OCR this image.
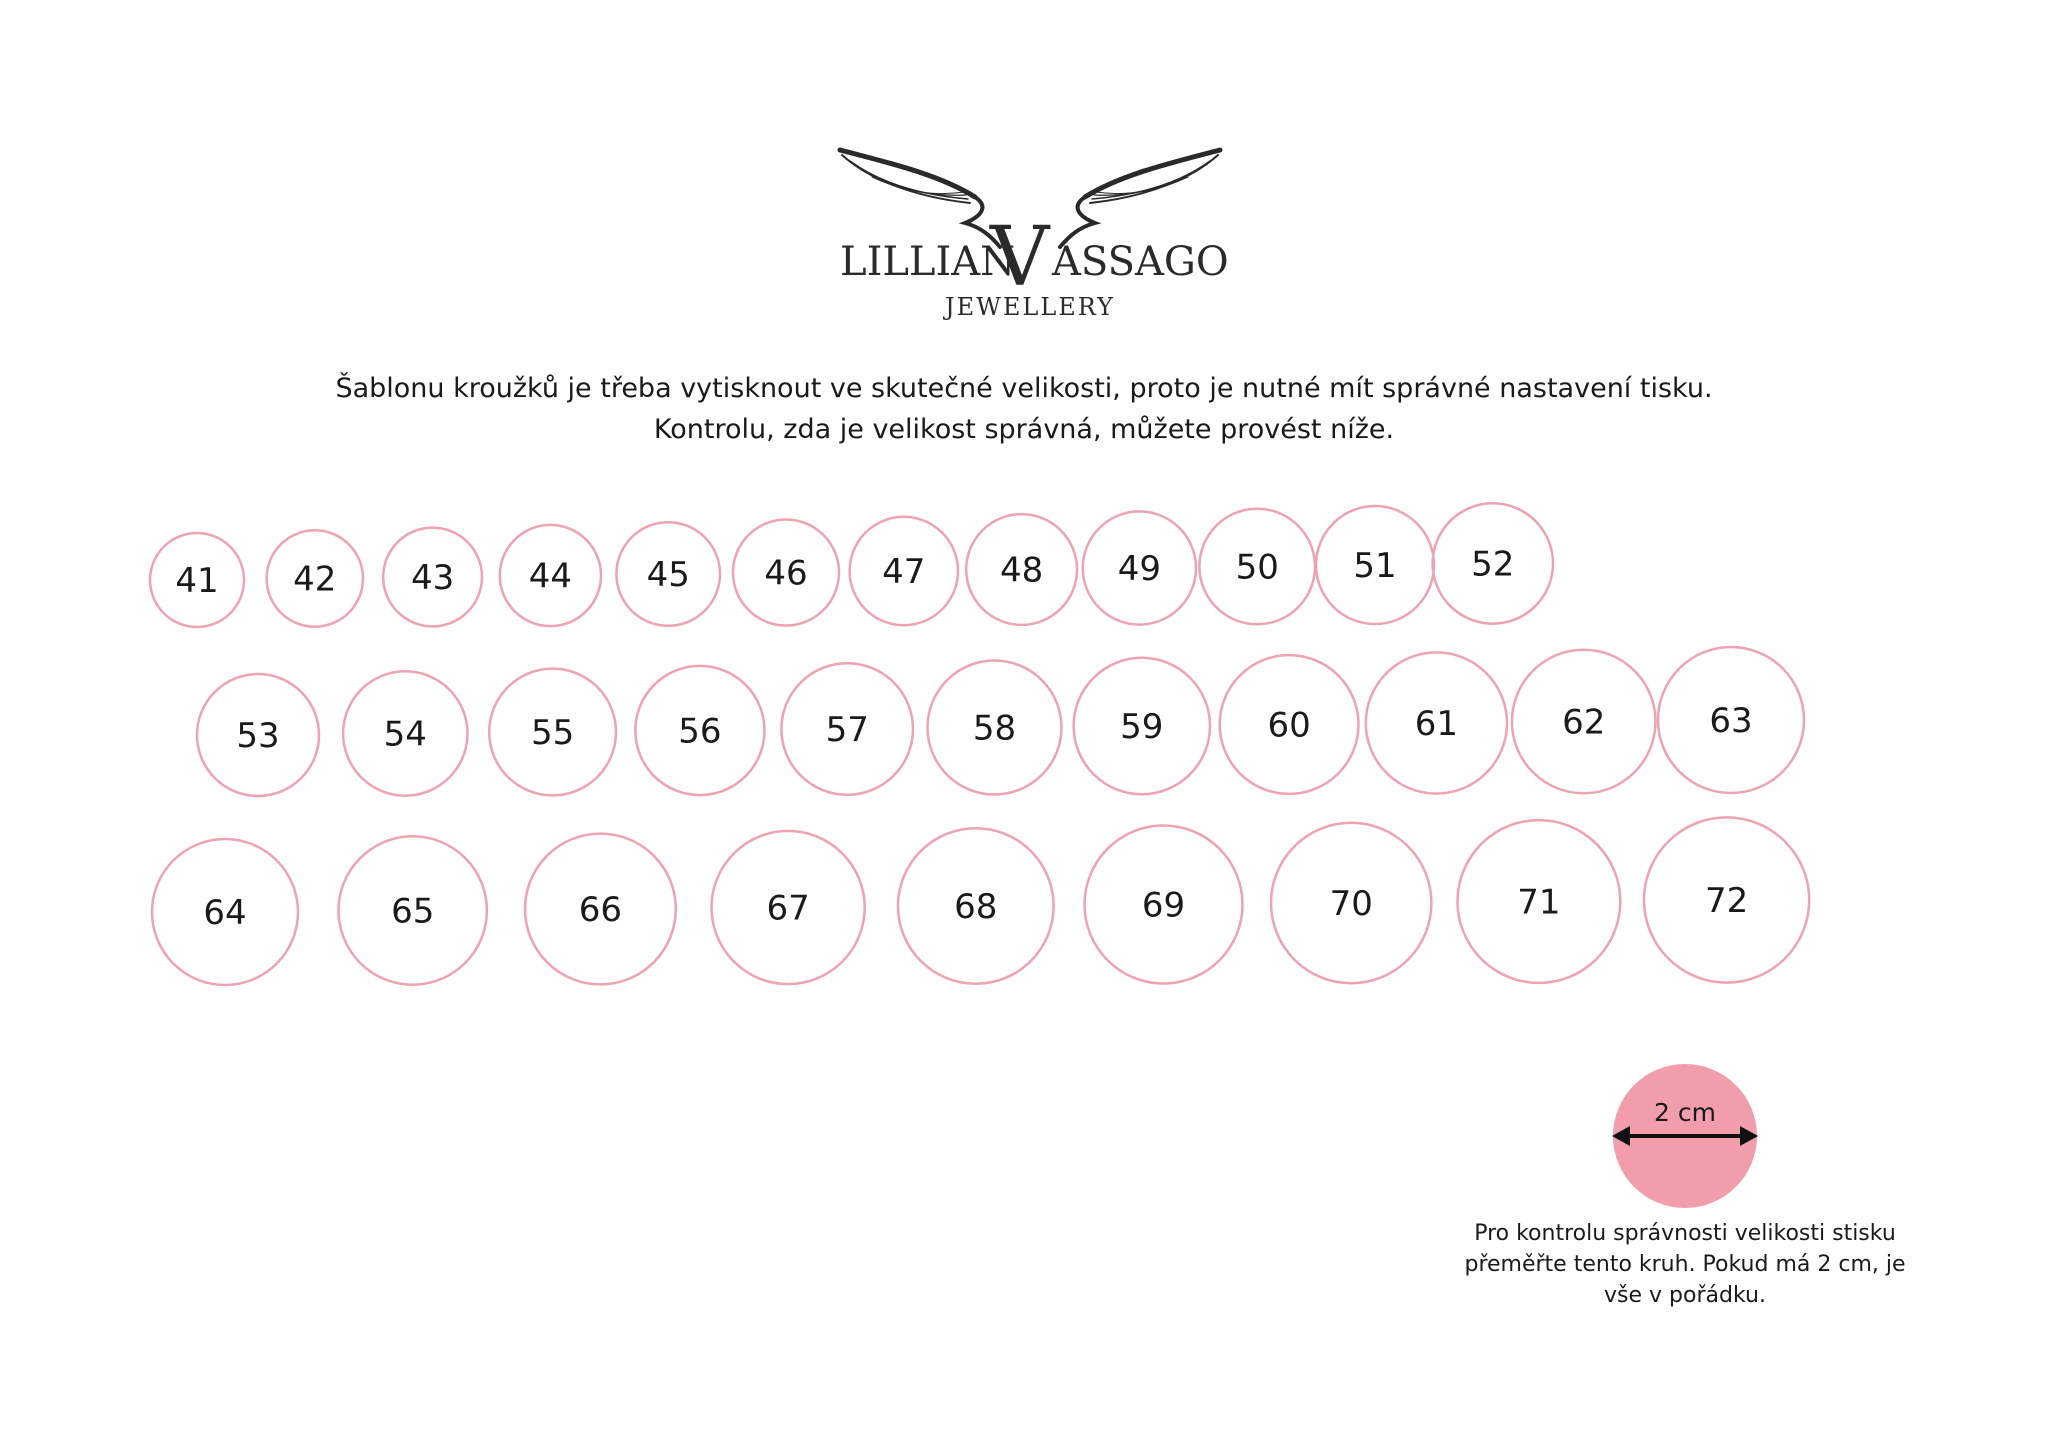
LILLIAN
V ASSAGO
JEWELLERY
Šablonu kroužků je třeba vytisknout ve skutečné velikosti, proto je nutné mít správné nastavení tisku.
Kontrolu, zda je velikost správná, můžete provést níže.
41 42 43 44 45 46 47 48 49 50 51 52
53	54	55	56	57	58	59	60	61	62	63
64	65	66	67	68	69	70	71	72
2 cm
Pro kontrolu správnosti velikosti stisku
přeměřte tento kruh. Pokud má 2 cm, je
vše v pořádku.
